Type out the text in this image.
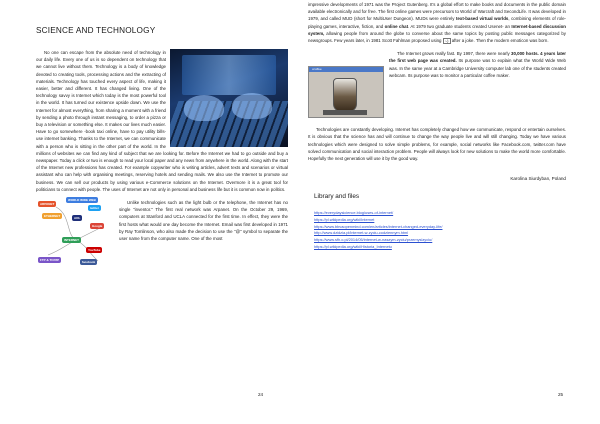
SCIENCE AND TECHNOLOGY

No one can escape from the absolute need of technology in our daily life. Every one of us is so dependent on technology that we cannot live without them. Technology is a body of knowledge devoted to creating tools, processing actions and the extracting of materials. Technology has touched every aspect of life, making it easier, better and different. It has changed living. One of the technology savvy is Internet which today is the most powerful tool in the world. It has turned our existence upside down. We use the Internet for almost everything, from sharing a moment with a friend by sending a photo through instant messaging, to order a pizza or buy a television or something else. It makes our lives much easier. Have to go somewhere -book taxi online, have to pay utility bills- use internet banking. Thanks to the Internet, we can communicate with a person who is sitting in the other part of the world. In the millions of websites we can find any kind of subject that we are looking for. Before the Internet we had to go outside and buy a newspaper. Today a click or two is enough to read your local paper and any news from anywhere in the world. Along with the start of the Internet new professions has created. For example copywriter who is writing articles, advert texts and scenarios or virtual assistant who can help with organising meetings, reserving hotels and sending mails. We also use the Internet to promote our business. We can sell our products by using various e-Commerce solutions on the Internet. Overmore it is a great tool for politicians to connect with people. The uses of Internet are not only in personal and business life but it is common now in politics.

ARPANET
ETHERNET
WORLD WIDE WEB
INTERNET
FTP & TCP/IP
AOL
Google
YouTube
facebook
twitter

Unlike technologies such as the light bulb or the telephone, the Internet has no single "inventor." The first real network was Arpanet. On the October 29, 1969, computers at Stanford and UCLA connected for the first time. In effect, they were the first hosts what would one day become the Internet. Email was first developed in 1971 by Ray Tomlinson, who also made the decision to use the "@" symbol to separate the user name from the computer name. One of the most

24

impressive developments of 1971 was the Project Gutenberg. It's a global effort to make books and documents in the public domain available electronically and for free. The first online games were precursors to World of Warcraft and SecondLife. It was developed in 1979, and called MUD (short for MultiUser Dungeon). MUDs were entirely text-based virtual worlds, combining elements of role-playing games, interactive, fiction, and online chat. At 1979 two graduate students created Usenet- an Internet-based discussion system, allowing people from around the globe to converse about the same topics by posting public messages categorized by newsgroups. Few years later, in 1981 Scott Fahlman proposed using :-) after a joke. Then the modern emoticon was born.

xcoffee

The Internet grows really fast. By 1997, there were nearly 30,000 hosts. 4 years later the first web page was created. Its purpose was to explain what the World Wide Web was. In the same year at a Cambridge University computer lab one of the students created webcam. Its purpose was to monitor a particular coffee maker.

Technologies are constantly developing. Internet has completely changed how we communicate, respond or entertain ourselves. It is obvious that the science has and will continue to change the way people live and will still changing. Today we have various technologies which were designed to solve simple problems, for example, social networks like Facebook.com, twitter.com have solved communication and social interaction problem. People will always look for new solutions to make the world more comfortable. Hopefully the next generation will use it by the good way.

Karolina Siurdyban, Poland
Library and files
https://everydaysicience.blog/uses-of-internet/
https://pl.wikipedia.org/wiki/Internet
https://www.bbvaopenmind.com/en/articles/internet-changed-everyday-life/
http://www.dzidzia.pl/internet-w-zyciu-codziennym.html
https://www.sfh.o.pl/2014/05/internet-w-naszym-zyciu/przemyslzyciu/
https://pl.wikipedia.org/wiki/Historia_Internetu
25
